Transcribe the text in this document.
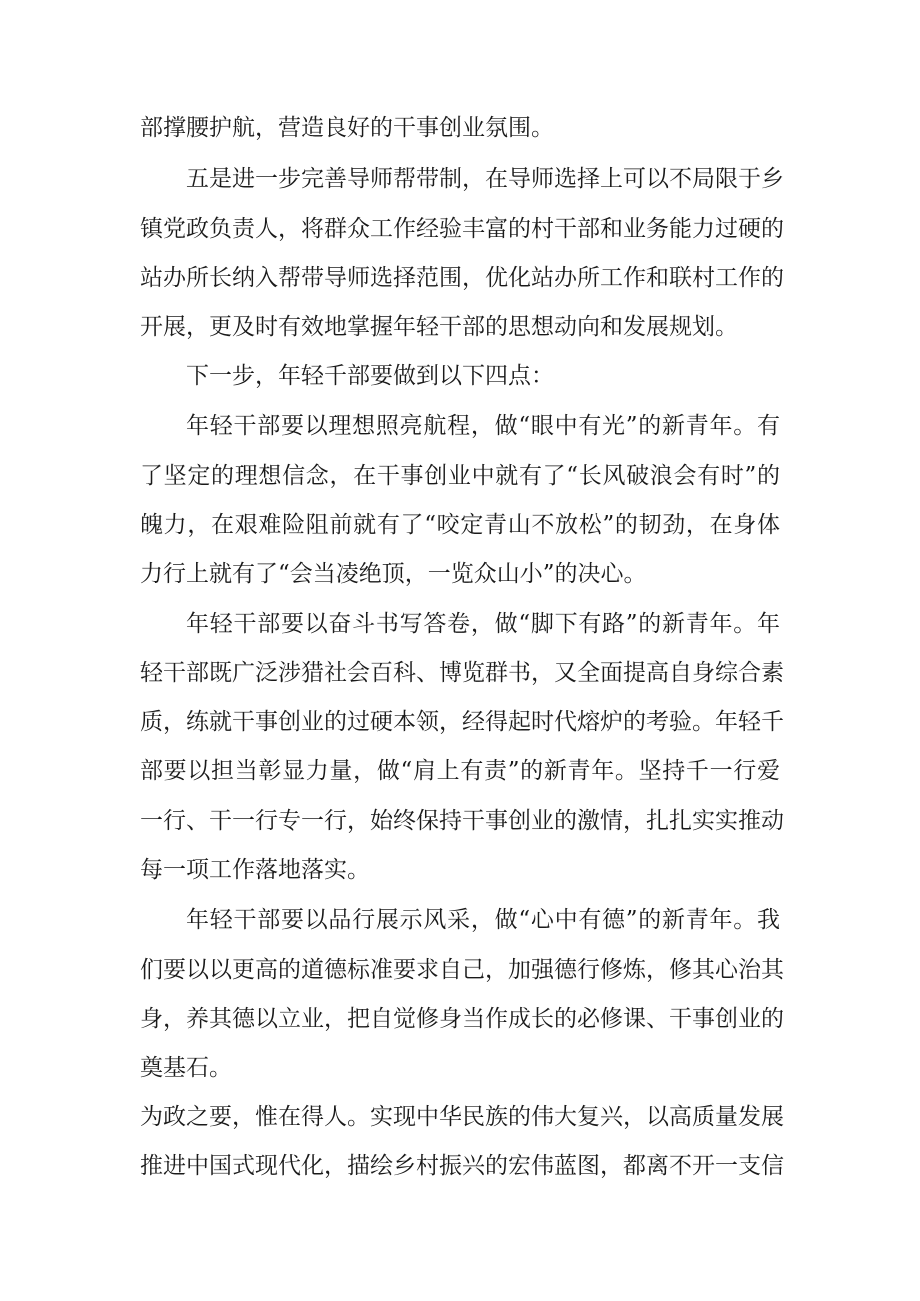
部撑腰护航，营造良好的干事创业氛围。
五是进一步完善导师帮带制，在导师选择上可以不局限于乡
镇党政负责人，将群众工作经验丰富的村干部和业务能力过硬的
站办所长纳入帮带导师选择范围，优化站办所工作和联村工作的
开展，更及时有效地掌握年轻干部的思想动向和发展规划。
下一步，年轻千部要做到以下四点：
年轻干部要以理想照亮航程，做“眼中有光”的新青年。有
了坚定的理想信念，在干事创业中就有了“长风破浪会有时”的
魄力，在艰难险阻前就有了“咬定青山不放松”的韧劲，在身体
力行上就有了“会当凌绝顶，一览众山小”的决心。
年轻干部要以奋斗书写答卷，做“脚下有路”的新青年。年
轻干部既广泛涉猎社会百科、博览群书，又全面提高自身综合素
质，练就干事创业的过硬本领，经得起时代熔炉的考验。年轻千
部要以担当彰显力量，做“肩上有责”的新青年。坚持千一行爱
一行、干一行专一行，始终保持干事创业的激情，扎扎实实推动
每一项工作落地落实。
年轻干部要以品行展示风采，做“心中有德”的新青年。我
们要以以更高的道德标准要求自己，加强德行修炼，修其心治其
身，养其德以立业，把自觉修身当作成长的必修课、干事创业的
奠基石。
为政之要，惟在得人。实现中华民族的伟大复兴，以高质量发展
推进中国式现代化，描绘乡村振兴的宏伟蓝图，都离不开一支信
